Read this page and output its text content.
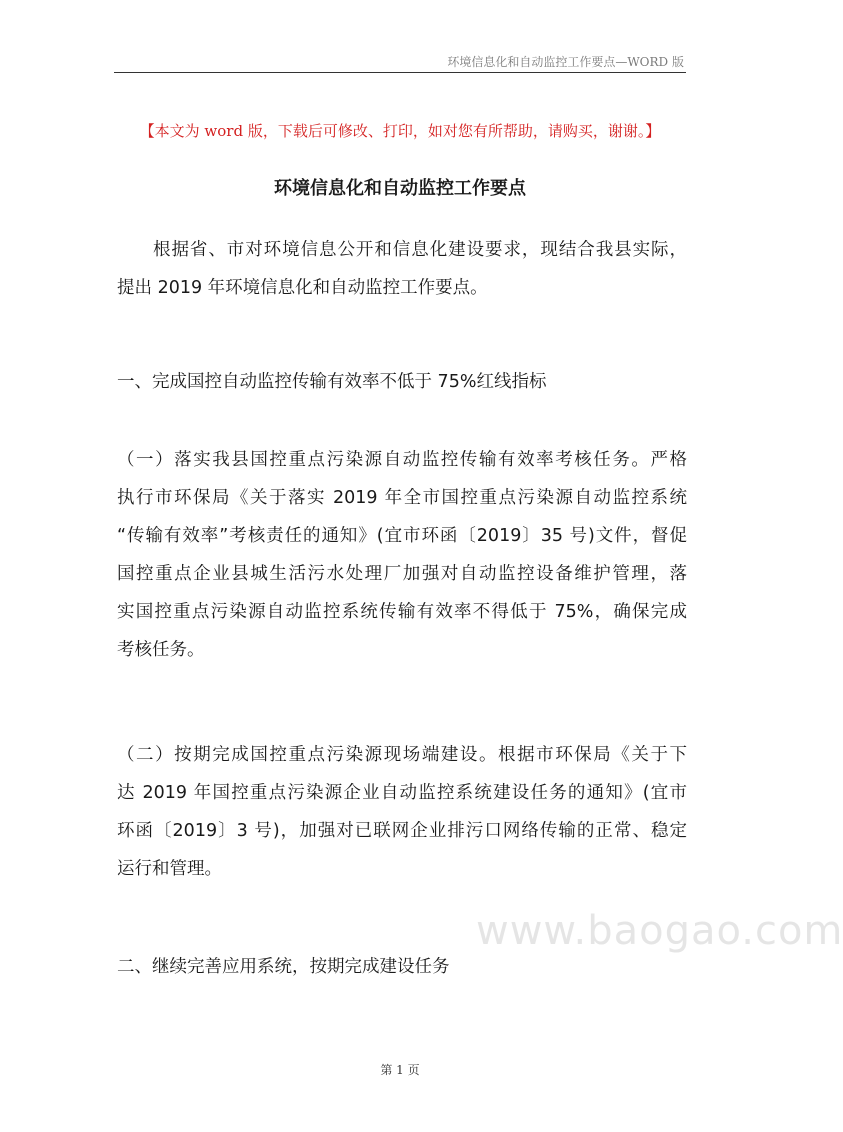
环境信息化和自动监控工作要点—WORD 版
【本文为 word 版，下载后可修改、打印，如对您有所帮助，请购买，谢谢。】
环境信息化和自动监控工作要点
根据省、市对环境信息公开和信息化建设要求，现结合我县实际，
提出 2019 年环境信息化和自动监控工作要点。
一、完成国控自动监控传输有效率不低于 75%红线指标
（一）落实我县国控重点污染源自动监控传输有效率考核任务。严格
执行市环保局《关于落实 2019 年全市国控重点污染源自动监控系统
“传输有效率”考核责任的通知》(宜市环函〔2019〕35 号)文件，督促
国控重点企业县城生活污水处理厂加强对自动监控设备维护管理，落
实国控重点污染源自动监控系统传输有效率不得低于 75%，确保完成
考核任务。
（二）按期完成国控重点污染源现场端建设。根据市环保局《关于下
达 2019 年国控重点污染源企业自动监控系统建设任务的通知》(宜市
环函〔2019〕3 号)，加强对已联网企业排污口网络传输的正常、稳定
运行和管理。
二、继续完善应用系统，按期完成建设任务
www.baogao.com
第 1 页
